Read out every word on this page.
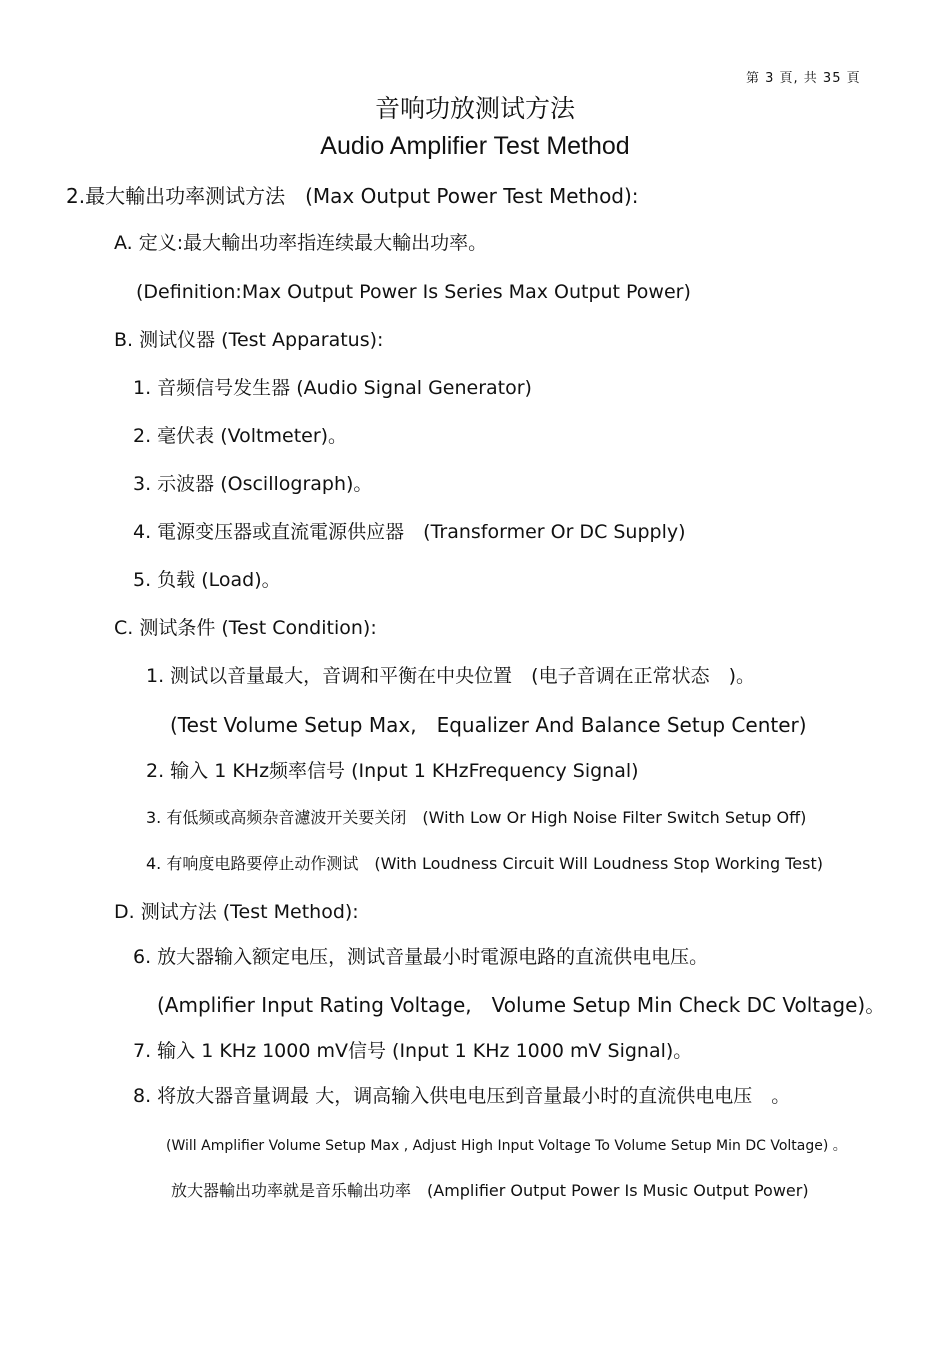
第 3 頁, 共 35 頁
音响功放测试方法
Audio Amplifier Test Method
2.最大輸出功率测试方法　(Max Output Power Test Method):
A. 定义:最大輸出功率指连续最大輸出功率。
(Definition:Max Output Power Is Series Max Output Power)
B. 测试仪器 (Test Apparatus):
1. 音频信号发生器 (Audio Signal Generator)
2. 毫伏表 (Voltmeter)。
3. 示波器 (Oscillograph)。
4. 電源变压器或直流電源供应器　(Transformer Or DC Supply)
5. 负载 (Load)。
C. 测试条件 (Test Condition):
1. 测试以音量最大，音调和平衡在中央位置　(电子音调在正常状态　)。
(Test Volume Setup Max,　Equalizer And Balance Setup Center)
2. 输入 1 KHz频率信号 (Input 1 KHzFrequency Signal)
3. 有低频或高频杂音濾波开关要关闭　(With Low Or High Noise Filter Switch Setup Off)
4. 有响度电路要停止动作测试　(With Loudness Circuit Will Loudness Stop Working Test)
D. 测试方法 (Test Method):
6. 放大器输入额定电压，测试音量最小时電源电路的直流供电电压。
(Amplifier Input Rating Voltage,　Volume Setup Min Check DC Voltage)。
7. 输入 1 KHz 1000 mV信号 (Input 1 KHz 1000 mV Signal)。
8. 将放大器音量调最 大，调高输入供电电压到音量最小时的直流供电电压　。
(Will Amplifier Volume Setup Max , Adjust High Input Voltage To Volume Setup Min DC Voltage) 。
放大器輸出功率就是音乐輸出功率　(Amplifier Output Power Is Music Output Power)
